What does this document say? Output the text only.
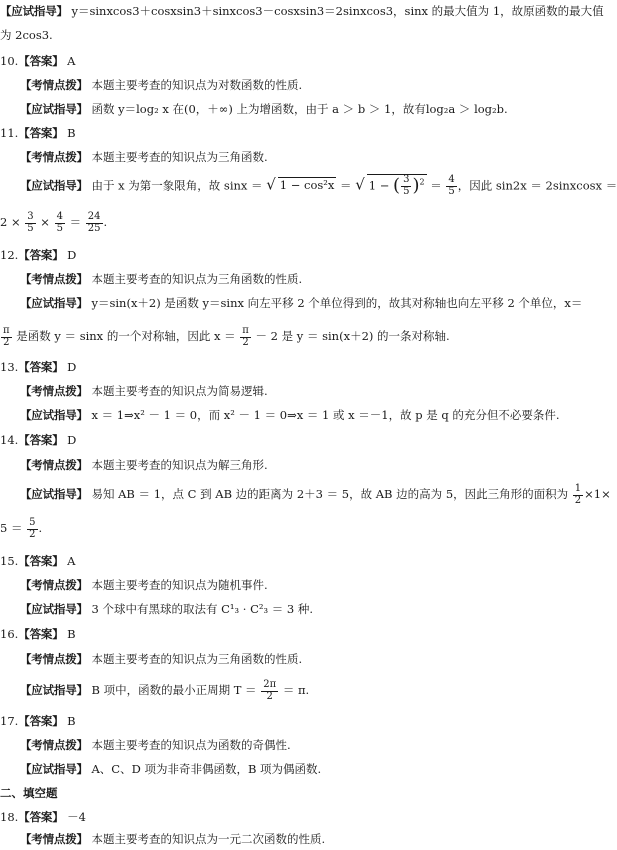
【应试指导】 y＝sinxcos3＋cosxsin3＋sinxcos3－cosxsin3＝2sinxcos3，sinx 的最大值为 1，故原函数的最大值
为 2cos3.
10.【答案】 A
【考情点拨】 本题主要考查的知识点为对数函数的性质.
【应试指导】 函数 y＝log₂ x 在(0，＋∞) 上为增函数，由于 a ＞ b ＞ 1，故有log₂a ＞ log₂b.
11.【答案】 B
【考情点拨】 本题主要考查的知识点为三角函数.
【应试指导】 由于 x 为第一象限角，故 sinx ＝ √ 1 − cos²x ＝ √ 1 − ( $\frac{3}{5} )^2 = \frac{4}{5}$ ，因此 sin2x ＝ 2sinxcosx ＝
$2 \times \frac{3}{5} \times \frac{4}{5} = \frac{24}{25}$ .
12.【答案】 D
【考情点拨】 本题主要考查的知识点为三角函数的性质.
【应试指导】 y＝sin(x＋2) 是函数 y＝sinx 向左平移 2 个单位得到的，故其对称轴也向左平移 2 个单位，x＝
$\frac{\pi}{2}$ 是函数 y ＝ sinx 的一个对称轴，因此 $x = \frac{\pi}{2} - 2$ 是 y ＝ sin(x＋2) 的一条对称轴.
13.【答案】 D
【考情点拨】 本题主要考查的知识点为简易逻辑.
【应试指导】 x ＝ 1⇒x² － 1 ＝ 0，而 x² － 1 ＝ 0⇒x ＝ 1 或 x ＝－1，故 p 是 q 的充分但不必要条件.
14.【答案】 D
【考情点拨】 本题主要考查的知识点为解三角形.
【应试指导】 易知 AB ＝ 1，点 C 到 AB 边的距离为 2＋3 ＝ 5，故 AB 边的高为 5，因此三角形的面积为 $\frac{1}{2} \times 1\times$
$5 = \frac{5}{2}$ .
15.【答案】 A
【考情点拨】 本题主要考查的知识点为随机事件.
【应试指导】 3 个球中有黑球的取法有 C¹₃ · C²₃ ＝ 3 种.
16.【答案】 B
【考情点拨】 本题主要考查的知识点为三角函数的性质.
【应试指导】 B 项中，函数的最小正周期 $T = \frac{2\pi}{2} = \pi$.
17.【答案】 B
【考情点拨】 本题主要考查的知识点为函数的奇偶性.
【应试指导】 A、C、D 项为非奇非偶函数，B 项为偶函数.
二、填空题
18.【答案】 －4
【考情点拨】 本题主要考查的知识点为一元二次函数的性质.
